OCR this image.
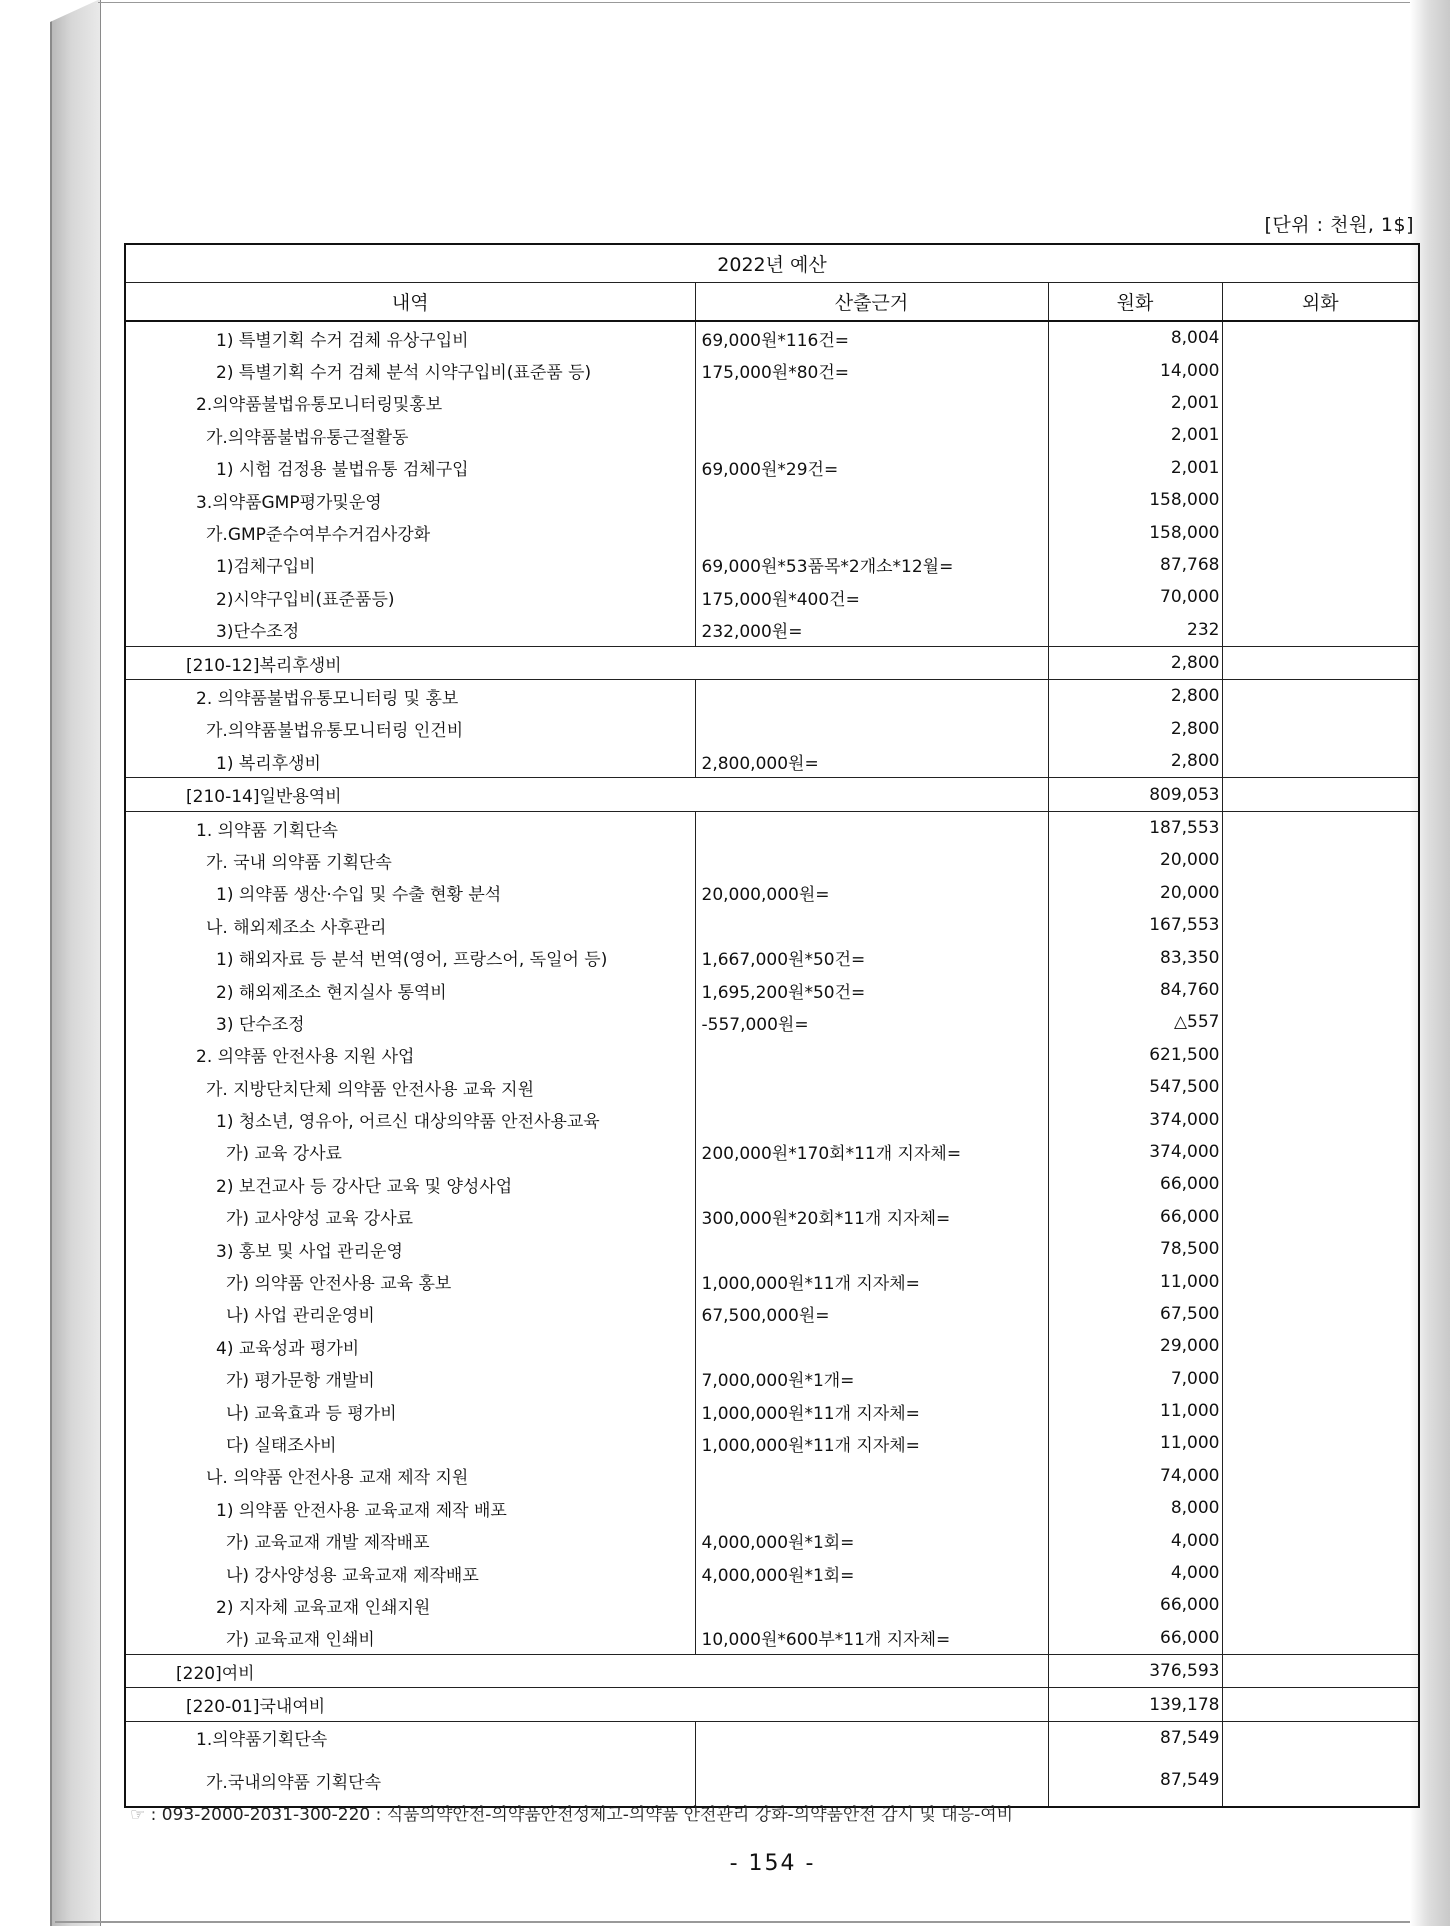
[단위 : 천원, 1$]
2022년 예산			
내역	산출근거	원화	외화
1) 특별기획 수거 검체 유상구입비	69,000원*116건=	8,004	
2) 특별기획 수거 검체 분석 시약구입비(표준품 등)	175,000원*80건=	14,000	
2.의약품불법유통모니터링및홍보		2,001	
가.의약품불법유통근절활동		2,001	
1) 시험 검정용 불법유통 검체구입	69,000원*29건=	2,001	
3.의약품GMP평가및운영		158,000	
가.GMP준수여부수거검사강화		158,000	
1)검체구입비	69,000원*53품목*2개소*12월=	87,768	
2)시약구입비(표준품등)	175,000원*400건=	70,000	
3)단수조정	232,000원=	232	
[210-12]복리후생비		2,800	
2. 의약품불법유통모니터링 및 홍보		2,800	
가.의약품불법유통모니터링 인건비		2,800	
1) 복리후생비	2,800,000원=	2,800	
[210-14]일반용역비		809,053	
1. 의약품 기획단속		187,553	
가. 국내 의약품 기획단속		20,000	
1) 의약품 생산·수입 및 수출 현황 분석	20,000,000원=	20,000	
나. 해외제조소 사후관리		167,553	
1) 해외자료 등 분석 번역(영어, 프랑스어, 독일어 등)	1,667,000원*50건=	83,350	
2) 해외제조소 현지실사 통역비	1,695,200원*50건=	84,760	
3) 단수조정	-557,000원=	△557	
2. 의약품 안전사용 지원 사업		621,500	
가. 지방단치단체 의약품 안전사용 교육 지원		547,500	
1) 청소년, 영유아, 어르신 대상의약품 안전사용교육		374,000	
가) 교육 강사료	200,000원*170회*11개 지자체=	374,000	
2) 보건교사 등 강사단 교육 및 양성사업		66,000	
가) 교사양성 교육 강사료	300,000원*20회*11개 지자체=	66,000	
3) 홍보 및 사업 관리운영		78,500	
가) 의약품 안전사용 교육 홍보	1,000,000원*11개 지자체=	11,000	
나) 사업 관리운영비	67,500,000원=	67,500	
4) 교육성과 평가비		29,000	
가) 평가문항 개발비	7,000,000원*1개=	7,000	
나) 교육효과 등 평가비	1,000,000원*11개 지자체=	11,000	
다) 실태조사비	1,000,000원*11개 지자체=	11,000	
나. 의약품 안전사용 교재 제작 지원		74,000	
1) 의약품 안전사용 교육교재 제작 배포		8,000	
가) 교육교재 개발 제작배포	4,000,000원*1회=	4,000	
나) 강사양성용 교육교재 제작배포	4,000,000원*1회=	4,000	
2) 지자체 교육교재 인쇄지원		66,000	
가) 교육교재 인쇄비	10,000원*600부*11개 지자체=	66,000	
[220]여비		376,593	
[220-01]국내여비		139,178	
1.의약품기획단속		87,549	
가.국내의약품 기획단속		87,549	
☞ : 093-2000-2031-300-220 : 식품의약안전-의약품안전성제고-의약품 안전관리 강화-의약품안전 감시 및 대응-여비
- 154 -
